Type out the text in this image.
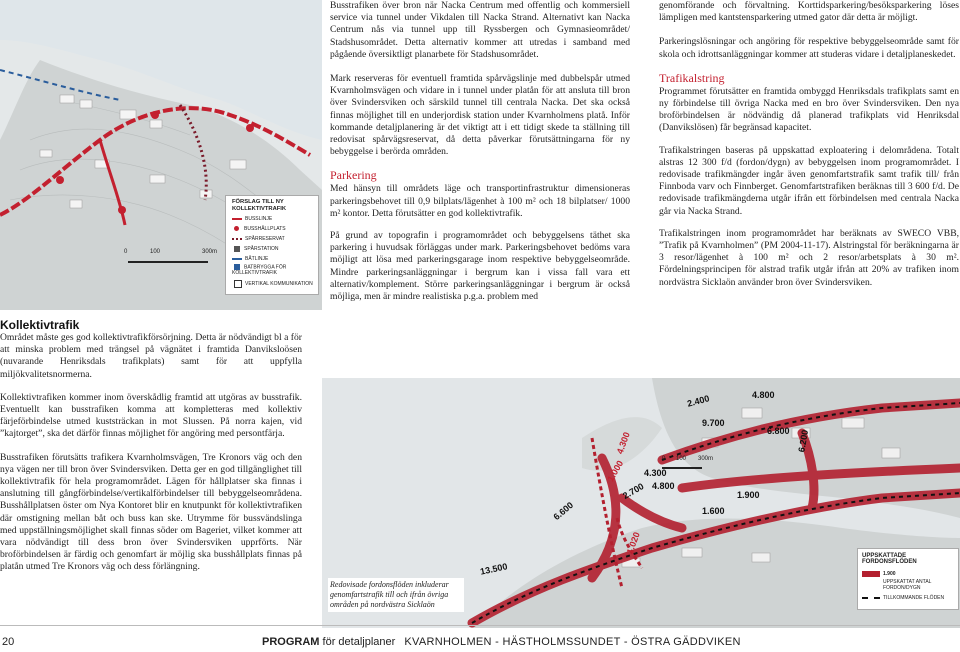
0	100	300m
FÖRSLAG TILL NY KOLLEKTIVTRAFIK
BUSSLINJE
BUSSHÅLLPLATS
SPÅRRESERVAT
SPÅRSTATION
BÅTLINJE
BATBRYGGA FÖR KOLLEKTIVTRAFIK
VERTIKAL KOMMUNIKATION
Kollektivtrafik

Området måste ges god kollektivtrafikförsörjning. Detta är nödvändigt bl a för att minska problem med trängsel på vägnätet i framtida Danviksloösen (nuvarande Henriksdals trafikplats) samt för att uppfylla miljökvalitetsnormerna.

Kollektivtrafiken kommer inom överskådlig framtid att utgöras av busstrafik. Eventuellt kan busstrafiken komma att kompletteras med kollektiv färjeförbindelse utmed kuststräckan in mot Slussen. På norra kajen, vid ”kajtorget”, ska det därför finnas möjlighet för angöring med persontfärja.

Busstrafiken förutsätts trafikera Kvarnholmsvägen, Tre Kronors väg och den nya vägen ner till bron över Svindersviken. Detta ger en god tillgänglighet till kollektivtrafik för hela programområdet. Lägen för hållplatser ska finnas i anslutning till gångförbindelse/vertikalförbindelser till bebyggelseområdena. Busshållplatsen öster om Nya Kontoret blir en knutpunkt för kollektivtrafiken där omstigning mellan båt och buss kan ske. Utrymme för bussvändslinga med uppställningsmöjlighet skall finnas söder om Bageriet, vilket kommer att vara nödvändigt till dess bron över Svindersviken upprförts. När broförbindelsen är färdig och genomfart är möjlig ska busshållplats finnas på platån utmed Tre Kronors väg och dess förlängning.

Busstrafiken över bron när Nacka Centrum med offentlig och kommersiell service via tunnel under Vikdalen till Nacka Strand. Alternativt kan Nacka Centrum nås via tunnel upp till Ryssbergen och Gymnasieområdet/ Stadshusområdet. Detta alternativ kommer att utredas i samband med pågående översiktligt planarbete för Stadshusområdet.

Mark reserveras för eventuell framtida spårvägslinje med dubbelspår utmed Kvarnholmsvägen och vidare in i tunnel under platån för att ansluta till bron över Svindersviken och särskild tunnel till centrala Nacka. Det ska också finnas möjlighet till en underjordisk station under Kvarnholmens platå. Inför kommande detaljplanering är det viktigt att i ett tidigt skede ta ställning till redovisat spårvägsreservat, då detta påverkar förutsättningarna för ny bebyggelse i berörda områden.

Parkering

Med hänsyn till områdets läge och transportinfrastruktur dimensioneras parkeringsbehovet till 0,9 bilplats/lägenhet à 100 m² och 18 bilplatser/ 1000 m² kontor. Detta förutsätter en god kollektivtrafik.

På grund av topografin i programområdet och bebyggelsens täthet ska parkering i huvudsak förläggas under mark. Parkeringsbehovet bedöms vara möjligt att lösa med parkeringsgarage inom respektive bebyggelseområde. Mindre parkeringsanläggningar i bergrum kan i vissa fall vara ett alternativ/komplement. Större parkeringsanläggningar i bergrum är också möjliga, men är mindre realistiska p.g.a. problem med

genomförande och förvaltning. Korttidsparkering/besöksparkering löses lämpligen med kantstensparkering utmed gator där detta är möjligt.

Parkeringslösningar och angöring för respektive bebyggelseområde samt för skola och idrottsanläggningar kommer att studeras vidare i detaljplaneskedet.

Trafikalstring

Programmet förutsätter en framtida ombyggd Henriksdals trafikplats samt en ny förbindelse till övriga Nacka med en bro över Svindersviken. Den nya broförbindelsen är nödvändig då planerad trafikplats vid Henriksdal (Danvikslösen) får begränsad kapacitet.

Trafikalstringen baseras på uppskattad exploatering i delområdena. Totalt alstras 12 300 f/d (fordon/dygn) av bebyggelsen inom programområdet. I redovisade trafikmängder ingår även genomfartstrafik samt trafik till/ från Finnboda varv och Finnberget. Genomfartstrafiken beräknas till 3 600 f/d. De redovisade trafikmängderna utgår ifrån ett förbindelsen med centrala Nacka går via Nacka Strand.

Trafikalstringen inom programområdet har beräknats av SWECO VBB, ”Trafik på Kvarnholmen” (PM 2004-11-17). Alstringstal för beräkningarna är 3 resor/lägenhet à 100 m² och 2 resor/arbetsplats à 30 m². Fördelningsprincipen för alstrad trafik utgår ifrån att 20% av trafiken inom nordvästra Sicklaön använder bron över Svindersviken.

2.400	4.800
9.700
6.800 6.200
4.300
4.800
2.700
6.600	1.600
1.900
13.500
1.020
4.300
1.000	0 100 300m
UPPSKATTADE FORDONSFLÖDEN
1.900
UPPSKATTAT ANTAL FORDON/DYGN
TILLKOMMANDE FLÖDEN
Redovisade fordonsflöden inkluderar genomfartstrafik till och ifrån övriga områden på nordvästra Sicklaön
20	PROGRAM för detaljplaner KVARNHOLMEN - HÄSTHOLMSSUNDET - ÖSTRA GÄDDVIKEN
